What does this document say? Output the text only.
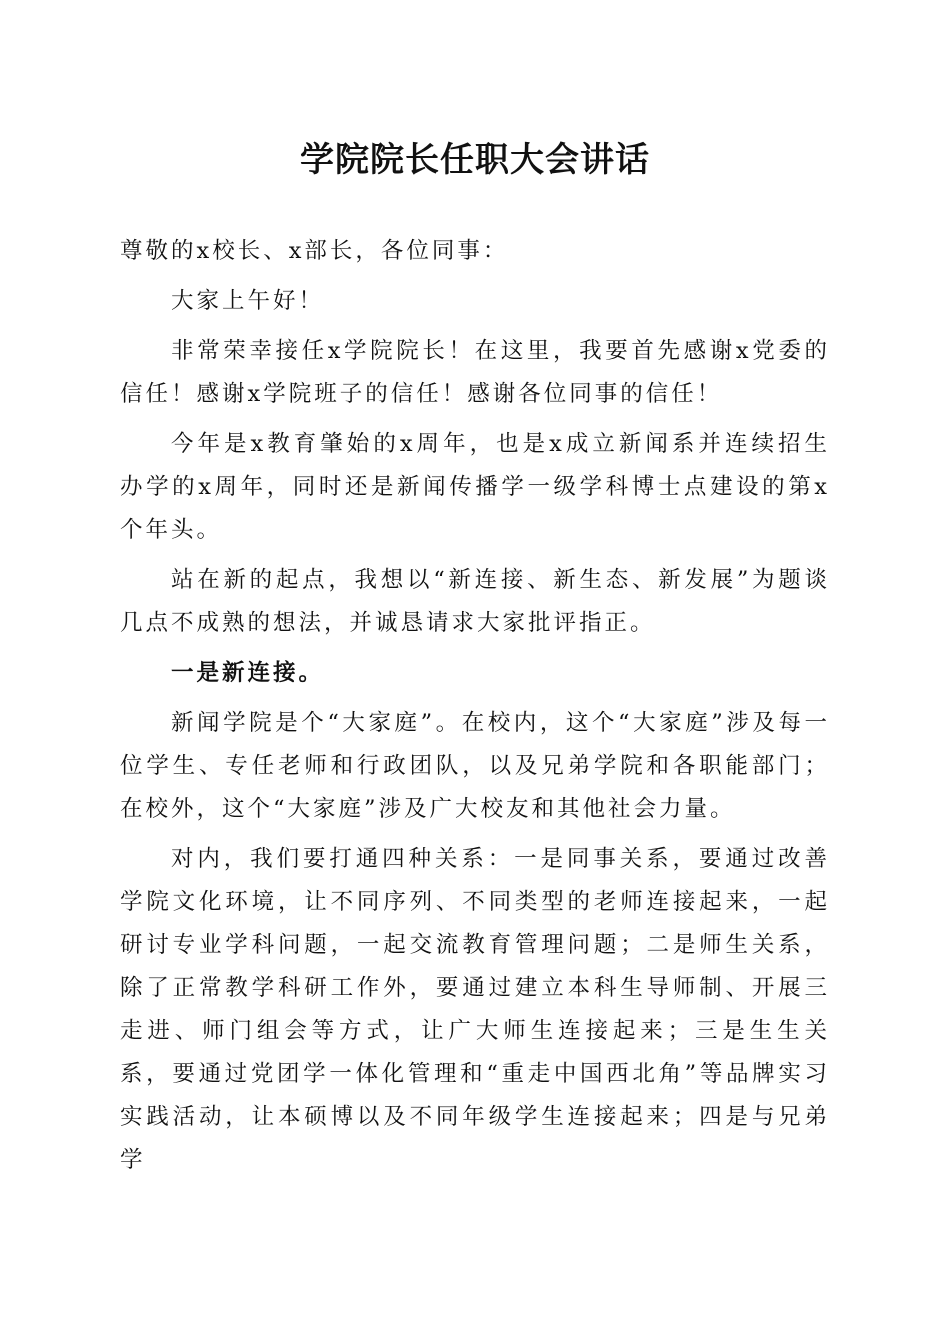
学院院长任职大会讲话

尊敬的x校长、x部长，各位同事：

大家上午好！

非常荣幸接任x学院院长！在这里，我要首先感谢x党委的信任！感谢x学院班子的信任！感谢各位同事的信任！

今年是x教育肇始的x周年，也是x成立新闻系并连续招生办学的x周年，同时还是新闻传播学一级学科博士点建设的第x个年头。

站在新的起点，我想以“新连接、新生态、新发展”为题谈几点不成熟的想法，并诚恳请求大家批评指正。

一是新连接。

新闻学院是个“大家庭”。在校内，这个“大家庭”涉及每一位学生、专任老师和行政团队，以及兄弟学院和各职能部门；在校外，这个“大家庭”涉及广大校友和其他社会力量。

对内，我们要打通四种关系：一是同事关系，要通过改善学院文化环境，让不同序列、不同类型的老师连接起来，一起研讨专业学科问题，一起交流教育管理问题；二是师生关系，除了正常教学科研工作外，要通过建立本科生导师制、开展三走进、师门组会等方式，让广大师生连接起来；三是生生关系，要通过党团学一体化管理和“重走中国西北角”等品牌实习实践活动，让本硕博以及不同年级学生连接起来；四是与兄弟学
